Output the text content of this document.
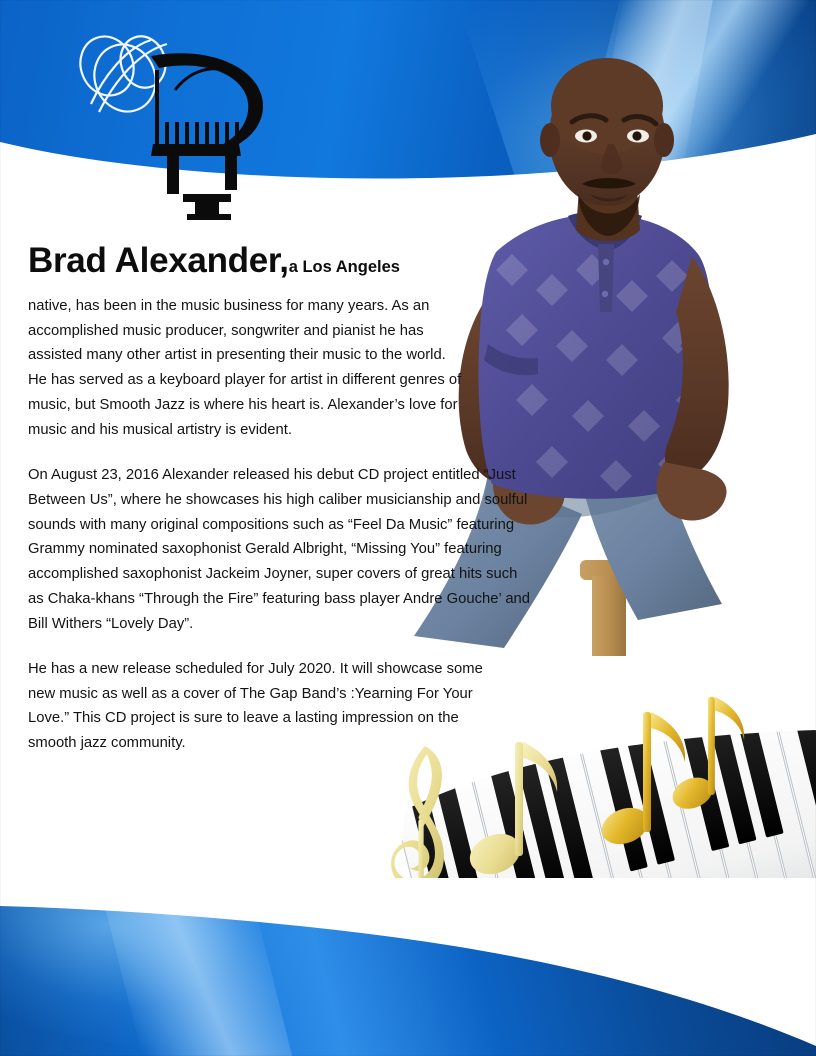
Brad Alexander,a Los Angeles

native, has been in the music business for many years. As an accomplished music producer, songwriter and pianist he has assisted many other artist in presenting their music to the world. He has served as a keyboard player for artist in different genres of music, but Smooth Jazz is where his heart is. Alexander’s love for music and his musical artistry is evident.

On August 23, 2016 Alexander released his debut CD project entitled “Just Between Us”, where he showcases his high caliber musicianship and soulful sounds with many original compositions such as “Feel Da Music” featuring Grammy nominated saxophonist Gerald Albright, “Missing You” featuring accomplished saxophonist Jackeim Joyner, super covers of great hits such as Chaka-khans “Through the Fire” featuring bass player Andre Gouche’ and Bill Withers “Lovely Day”.

He has a new release scheduled for July 2020. It will showcase some new music as well as a cover of The Gap Band’s :Yearning For Your Love.” This CD project is sure to leave a lasting impression on the smooth jazz community.
